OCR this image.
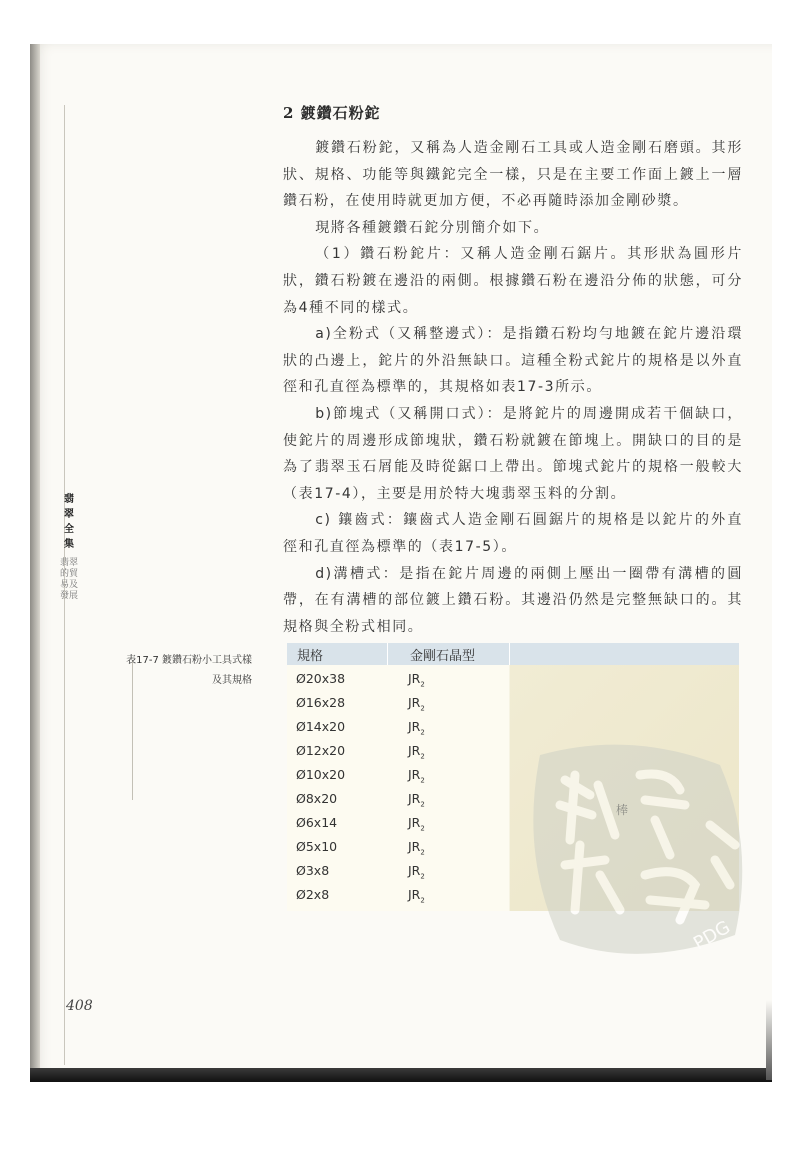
翡翠全集
翡翠的貿易及發展
2 鍍鑽石粉鉈

鍍鑽石粉鉈，又稱為人造金剛石工具或人造金剛石磨頭。其形狀、規格、功能等與鐵鉈完全一樣，只是在主要工作面上鍍上一層鑽石粉，在使用時就更加方便，不必再隨時添加金剛砂漿。

現將各種鍍鑽石鉈分別簡介如下。

（1）鑽石粉鉈片：又稱人造金剛石鋸片。其形狀為圓形片狀，鑽石粉鍍在邊沿的兩側。根據鑽石粉在邊沿分佈的狀態，可分為4種不同的樣式。

a)全粉式（又稱整邊式）：是指鑽石粉均勻地鍍在鉈片邊沿環狀的凸邊上，鉈片的外沿無缺口。這種全粉式鉈片的規格是以外直徑和孔直徑為標準的，其規格如表17-3所示。

b)節塊式（又稱開口式）：是將鉈片的周邊開成若干個缺口，使鉈片的周邊形成節塊狀，鑽石粉就鍍在節塊上。開缺口的目的是為了翡翠玉石屑能及時從鋸口上帶出。節塊式鉈片的規格一般較大（表17-4），主要是用於特大塊翡翠玉料的分割。

c) 鑲齒式：鑲齒式人造金剛石圓鋸片的規格是以鉈片的外直徑和孔直徑為標準的（表17-5）。

d)溝槽式：是指在鉈片周邊的兩側上壓出一圈帶有溝槽的圓帶，在有溝槽的部位鍍上鑽石粉。其邊沿仍然是完整無缺口的。其規格與全粉式相同。

表17-7 鍍鑽石粉小工具式樣及其規格
規格	金剛石晶型
Ø20x38	$JR_2$
Ø16x28	$JR_2$
Ø14x20	$JR_2$
Ø12x20	$JR_2$
Ø10x20	$JR_2$
Ø8x20	$JR_2$
Ø6x14	$JR_2$
Ø5x10	$JR_2$
Ø3x8	$JR_2$
Ø2x8	$JR_2$
PDG
408
